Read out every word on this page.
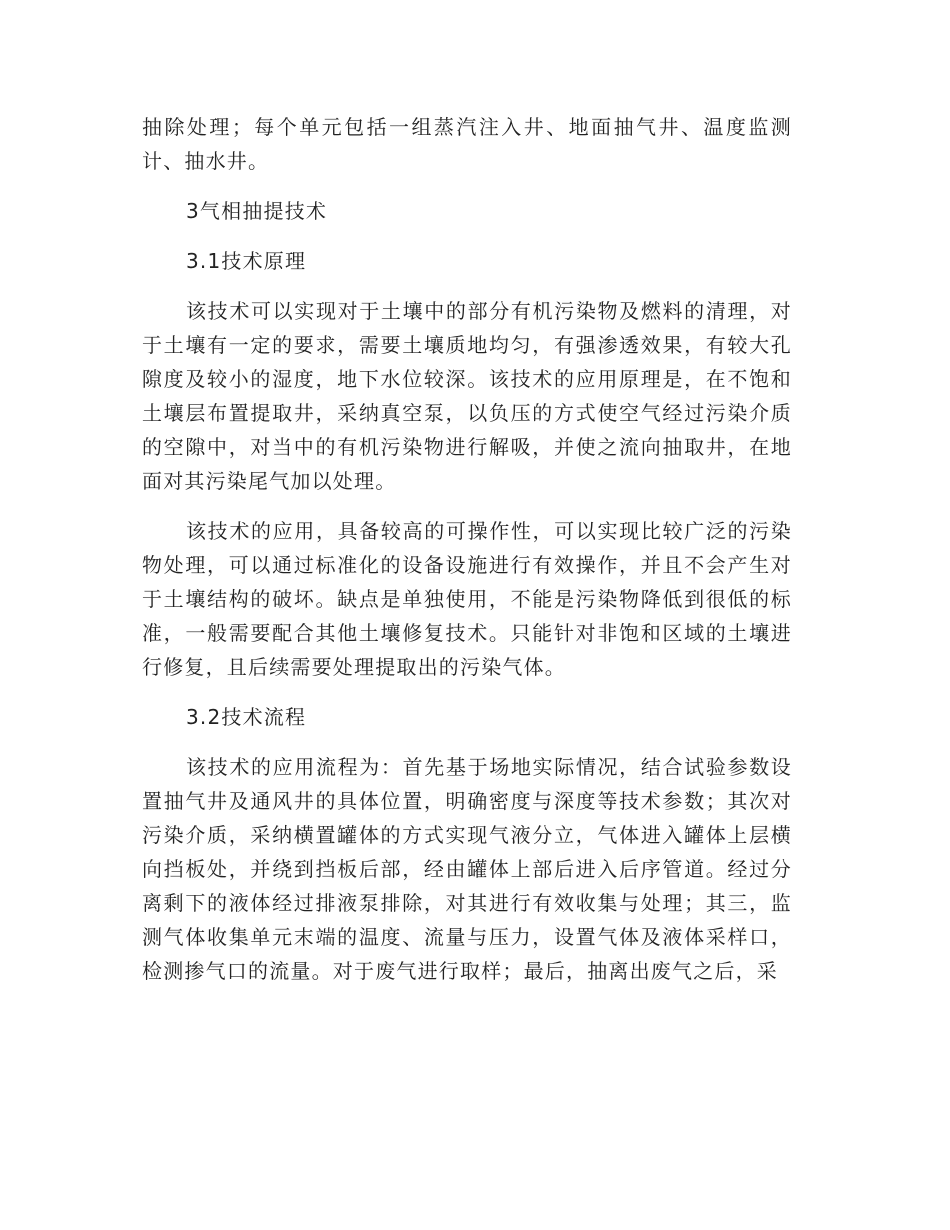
抽除处理；每个单元包括一组蒸汽注入井、地面抽气井、温度监测计、抽水井。

3气相抽提技术

3.1技术原理

该技术可以实现对于土壤中的部分有机污染物及燃料的清理，对于土壤有一定的要求，需要土壤质地均匀，有强渗透效果，有较大孔隙度及较小的湿度，地下水位较深。该技术的应用原理是，在不饱和土壤层布置提取井，采纳真空泵，以负压的方式使空气经过污染介质的空隙中，对当中的有机污染物进行解吸，并使之流向抽取井，在地面对其污染尾气加以处理。

该技术的应用，具备较高的可操作性，可以实现比较广泛的污染物处理，可以通过标准化的设备设施进行有效操作，并且不会产生对于土壤结构的破坏。缺点是单独使用，不能是污染物降低到很低的标准，一般需要配合其他土壤修复技术。只能针对非饱和区域的土壤进行修复，且后续需要处理提取出的污染气体。

3.2技术流程

该技术的应用流程为：首先基于场地实际情况，结合试验参数设置抽气井及通风井的具体位置，明确密度与深度等技术参数；其次对污染介质，采纳横置罐体的方式实现气液分立，气体进入罐体上层横向挡板处，并绕到挡板后部，经由罐体上部后进入后序管道。经过分离剩下的液体经过排液泵排除，对其进行有效收集与处理；其三，监测气体收集单元末端的温度、流量与压力，设置气体及液体采样口，检测掺气口的流量。对于废气进行取样；最后，抽离出废气之后，采
